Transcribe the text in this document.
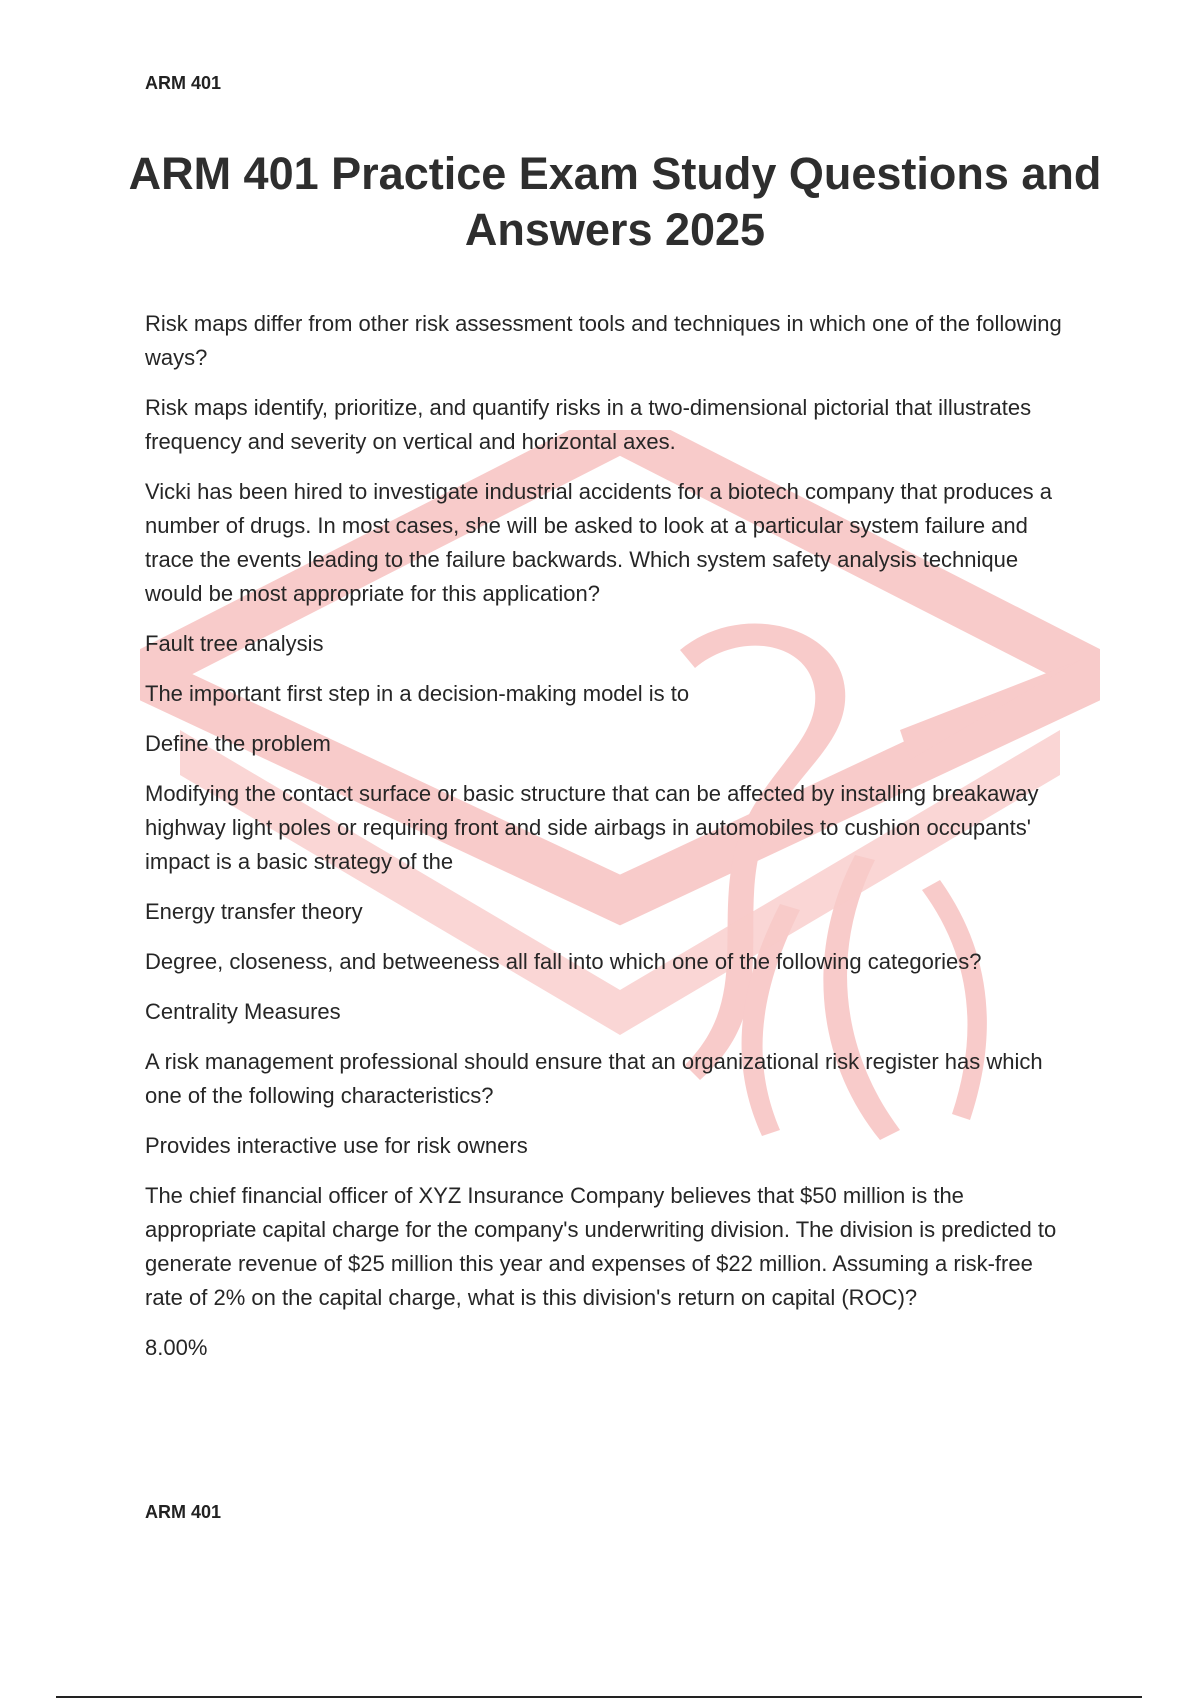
ARM 401
ARM 401 Practice Exam Study Questions and Answers 2025
Risk maps differ from other risk assessment tools and techniques in which one of the following ways?
Risk maps identify, prioritize, and quantify risks in a two-dimensional pictorial that illustrates frequency and severity on vertical and horizontal axes.
Vicki has been hired to investigate industrial accidents for a biotech company that produces a number of drugs. In most cases, she will be asked to look at a particular system failure and trace the events leading to the failure backwards. Which system safety analysis technique would be most appropriate for this application?
Fault tree analysis
The important first step in a decision-making model is to
Define the problem
Modifying the contact surface or basic structure that can be affected by installing breakaway highway light poles or requiring front and side airbags in automobiles to cushion occupants' impact is a basic strategy of the
Energy transfer theory
Degree, closeness, and betweeness all fall into which one of the following categories?
Centrality Measures
A risk management professional should ensure that an organizational risk register has which one of the following characteristics?
Provides interactive use for risk owners
The chief financial officer of XYZ Insurance Company believes that $50 million is the appropriate capital charge for the company's underwriting division. The division is predicted to generate revenue of $25 million this year and expenses of $22 million. Assuming a risk-free rate of 2% on the capital charge, what is this division's return on capital (ROC)?
8.00%
ARM 401
